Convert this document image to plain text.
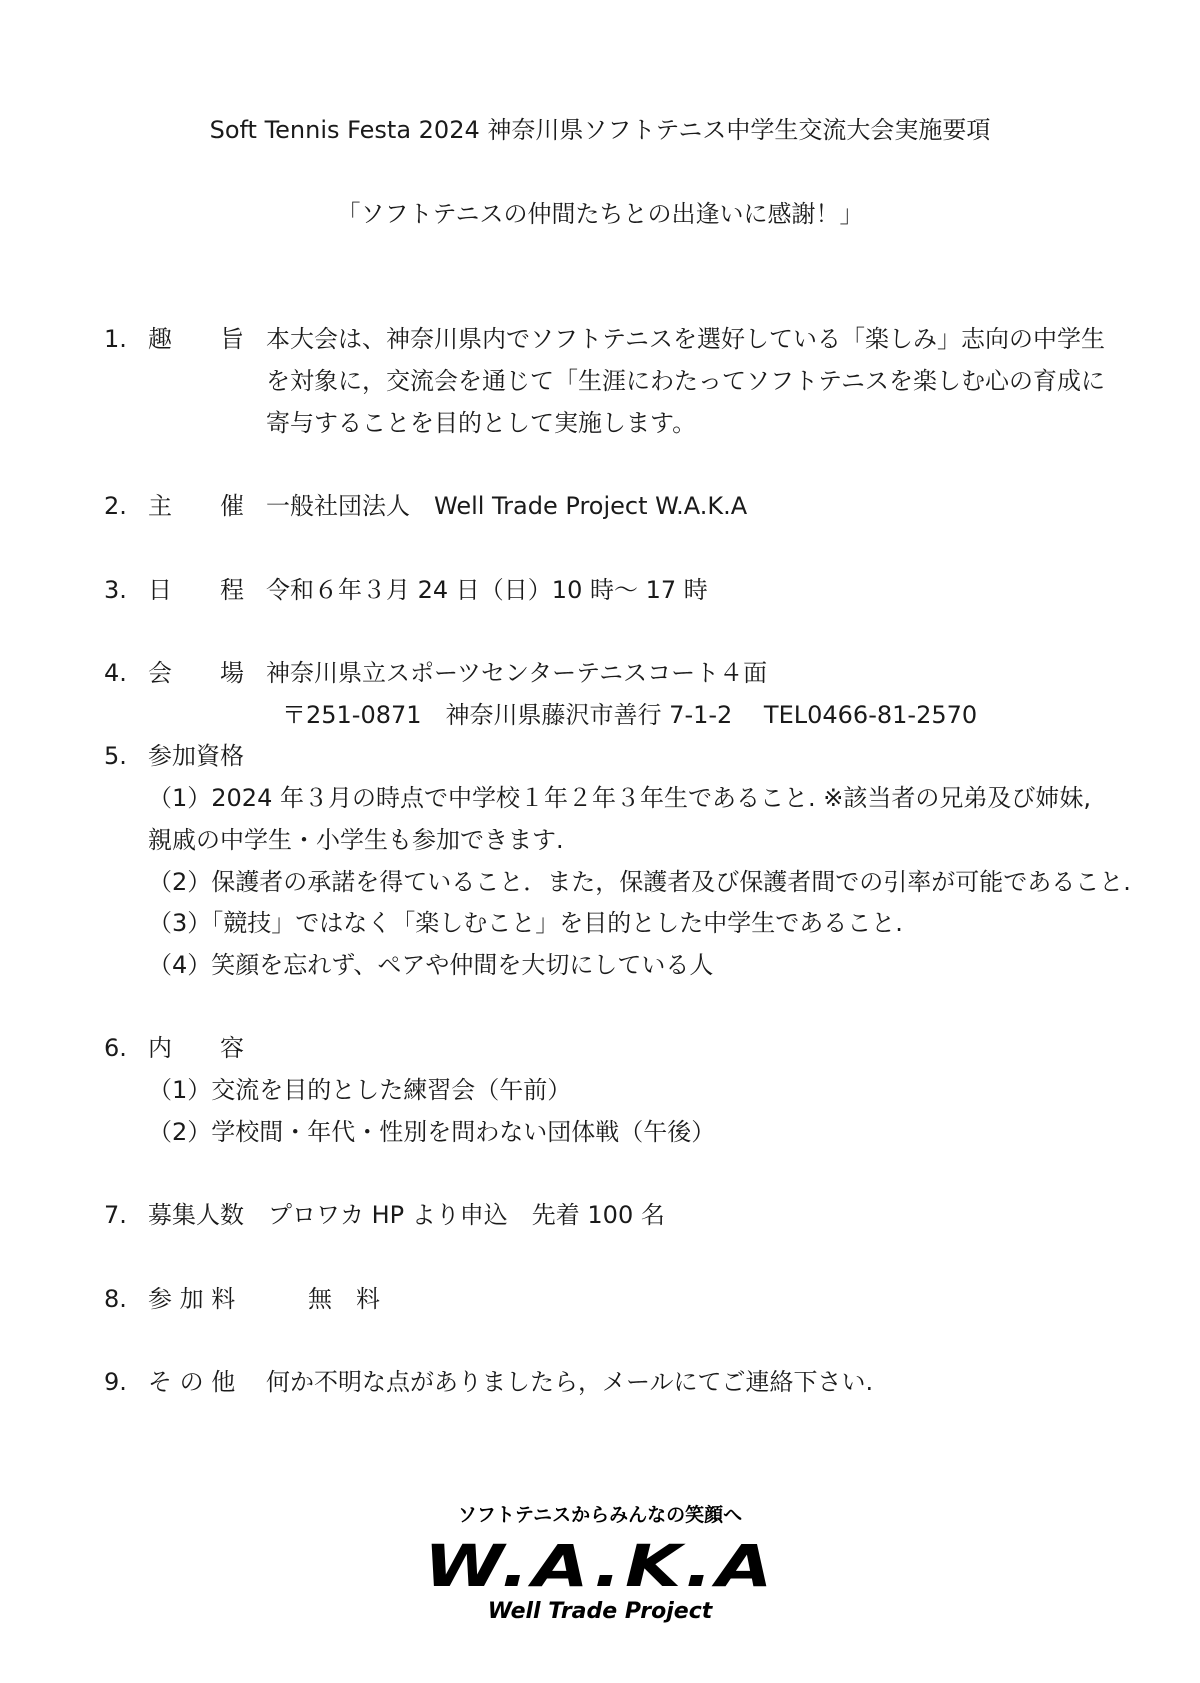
Soft Tennis Festa 2024 神奈川県ソフトテニス中学生交流大会実施要項
「ソフトテニスの仲間たちとの出逢いに感謝！」
1. 趣 旨 本大会は、神奈川県内でソフトテニスを選好している「楽しみ」志向の中学生
を対象に，交流会を通じて「生涯にわたってソフトテニスを楽しむ心の育成に
寄与することを目的として実施します。
2. 主 催 一般社団法人　Well Trade Project W.A.K.A
3. 日 程 令和６年３月 24 日（日）10 時～ 17 時
4. 会 場 神奈川県立スポーツセンターテニスコート４面
〒251-0871　神奈川県藤沢市善行 7-1-2　 TEL0466-81-2570
5. 参加資格
（1）2024 年３月の時点で中学校１年２年３年生であること. ※該当者の兄弟及び姉妹,
親戚の中学生・小学生も参加できます.
（2）保護者の承諾を得ていること．また，保護者及び保護者間での引率が可能であること.
（3）「競技」ではなく「楽しむこと」を目的とした中学生であること.
（4）笑顔を忘れず、ペアや仲間を大切にしている人
6. 内 容
（1）交流を目的とした練習会（午前）
（2）学校間・年代・性別を問わない団体戦（午後）
7. 募集人数 プロワカ HP より申込　先着 100 名
8. 参 加 料	無　料
9. そ の 他 何か不明な点がありましたら，メールにてご連絡下さい.
ソフトテニスからみんなの笑顔へ
W.A.K.A
Well Trade Project
